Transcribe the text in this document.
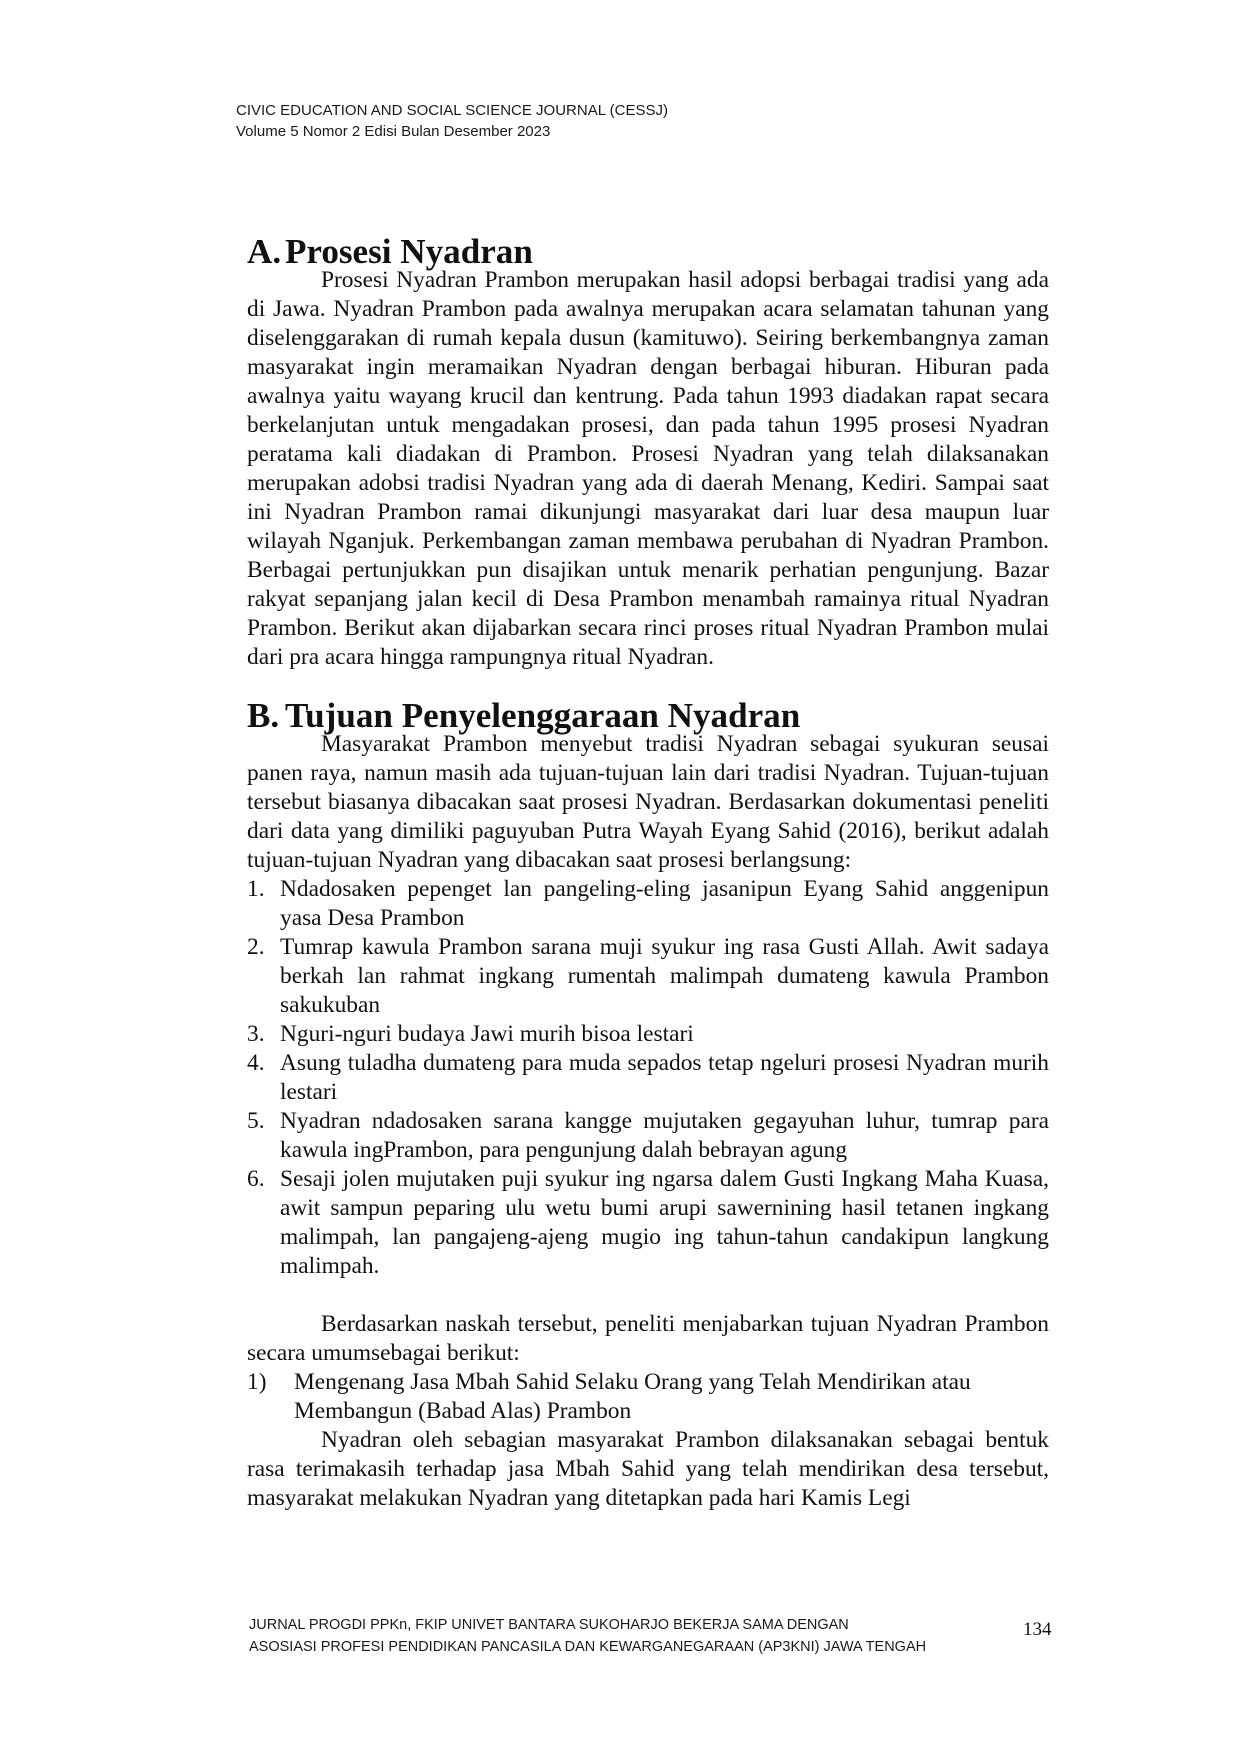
CIVIC EDUCATION AND SOCIAL SCIENCE JOURNAL (CESSJ)
Volume 5 Nomor 2 Edisi Bulan Desember 2023
A. Prosesi Nyadran

Prosesi Nyadran Prambon merupakan hasil adopsi berbagai tradisi yang ada di Jawa. Nyadran Prambon pada awalnya merupakan acara selamatan tahunan yang diselenggarakan di rumah kepala dusun (kamituwo). Seiring berkembangnya zaman masyarakat ingin meramaikan Nyadran dengan berbagai hiburan. Hiburan pada awalnya yaitu wayang krucil dan kentrung. Pada tahun 1993 diadakan rapat secara berkelanjutan untuk mengadakan prosesi, dan pada tahun 1995 prosesi Nyadran peratama kali diadakan di Prambon. Prosesi Nyadran yang telah dilaksanakan merupakan adobsi tradisi Nyadran yang ada di daerah Menang, Kediri. Sampai saat ini Nyadran Prambon ramai dikunjungi masyarakat dari luar desa maupun luar wilayah Nganjuk. Perkembangan zaman membawa perubahan di Nyadran Prambon. Berbagai pertunjukkan pun disajikan untuk menarik perhatian pengunjung. Bazar rakyat sepanjang jalan kecil di Desa Prambon menambah ramainya ritual Nyadran Prambon. Berikut akan dijabarkan secara rinci proses ritual Nyadran Prambon mulai dari pra acara hingga rampungnya ritual Nyadran.

B. Tujuan Penyelenggaraan Nyadran

Masyarakat Prambon menyebut tradisi Nyadran sebagai syukuran seusai panen raya, namun masih ada tujuan-tujuan lain dari tradisi Nyadran. Tujuan-tujuan tersebut biasanya dibacakan saat prosesi Nyadran. Berdasarkan dokumentasi peneliti dari data yang dimiliki paguyuban Putra Wayah Eyang Sahid (2016), berikut adalah tujuan-tujuan Nyadran yang dibacakan saat prosesi berlangsung:

1. Ndadosaken pepenget lan pangeling-eling jasanipun Eyang Sahid anggenipun yasa Desa Prambon
2. Tumrap kawula Prambon sarana muji syukur ing rasa Gusti Allah. Awit sadaya berkah lan rahmat ingkang rumentah malimpah dumateng kawula Prambon sakukuban
3. Nguri-nguri budaya Jawi murih bisoa lestari
4. Asung tuladha dumateng para muda sepados tetap ngeluri prosesi Nyadran murih lestari
5. Nyadran ndadosaken sarana kangge mujutaken gegayuhan luhur, tumrap para kawula ingPrambon, para pengunjung dalah bebrayan agung
6. Sesaji jolen mujutaken puji syukur ing ngarsa dalem Gusti Ingkang Maha Kuasa, awit sampun peparing ulu wetu bumi arupi sawernining hasil tetanen ingkang malimpah, lan pangajeng-ajeng mugio ing tahun-tahun candakipun langkung malimpah.

Berdasarkan naskah tersebut, peneliti menjabarkan tujuan Nyadran Prambon secara umumsebagai berikut:

1) Mengenang Jasa Mbah Sahid Selaku Orang yang Telah Mendirikan atau Membangun (Babad Alas) Prambon

Nyadran oleh sebagian masyarakat Prambon dilaksanakan sebagai bentuk rasa terimakasih terhadap jasa Mbah Sahid yang telah mendirikan desa tersebut, masyarakat melakukan Nyadran yang ditetapkan pada hari Kamis Legi

JURNAL PROGDI PPKn, FKIP UNIVET BANTARA SUKOHARJO BEKERJA SAMA DENGAN
ASOSIASI PROFESI PENDIDIKAN PANCASILA DAN KEWARGANEGARAAN (AP3KNI) JAWA TENGAH
134
